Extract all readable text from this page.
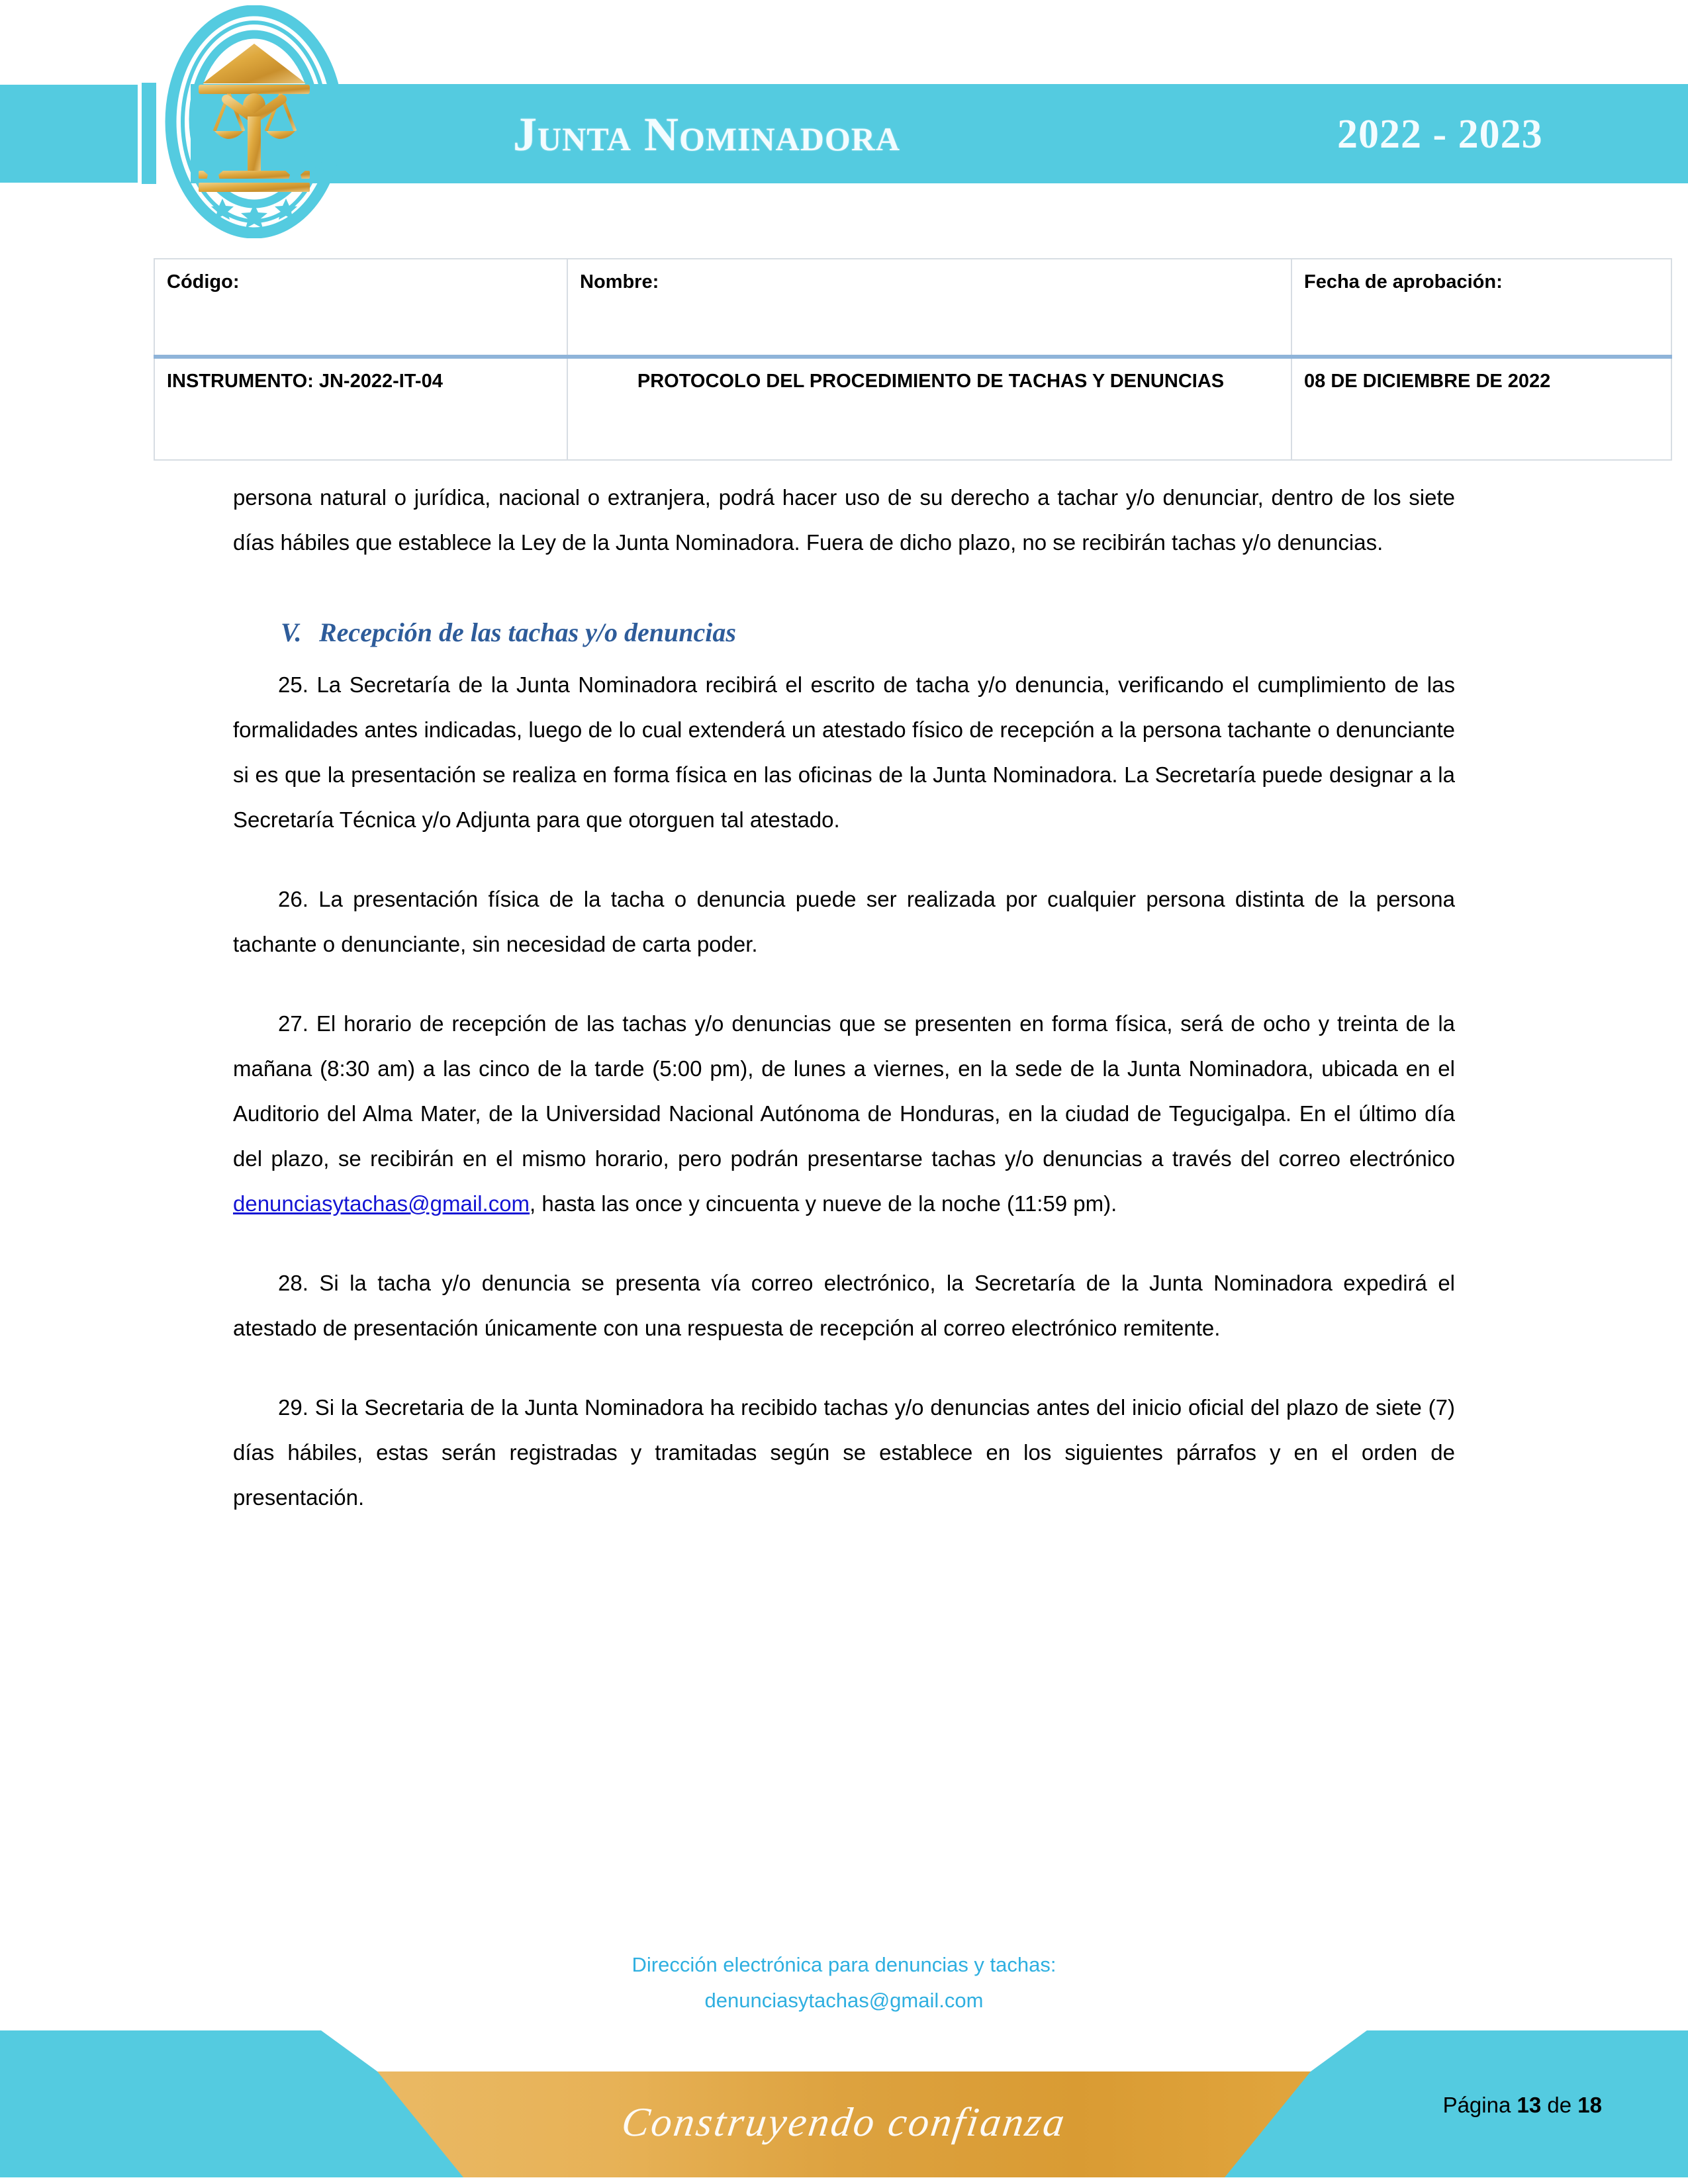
Junta Nominadora	2022 - 2023
Código:	Nombre:	Fecha de aprobación:
INSTRUMENTO: JN-2022-IT-04	PROTOCOLO DEL PROCEDIMIENTO DE TACHAS Y DENUNCIAS	08 DE DICIEMBRE DE 2022

persona natural o jurídica, nacional o extranjera, podrá hacer uso de su derecho a tachar y/o denunciar, dentro de los siete días hábiles que establece la Ley de la Junta Nominadora. Fuera de dicho plazo, no se recibirán tachas y/o denuncias.

V. Recepción de las tachas y/o denuncias

25. La Secretaría de la Junta Nominadora recibirá el escrito de tacha y/o denuncia, verificando el cumplimiento de las formalidades antes indicadas, luego de lo cual extenderá un atestado físico de recepción a la persona tachante o denunciante si es que la presentación se realiza en forma física en las oficinas de la Junta Nominadora. La Secretaría puede designar a la Secretaría Técnica y/o Adjunta para que otorguen tal atestado.

26. La presentación física de la tacha o denuncia puede ser realizada por cualquier persona distinta de la persona tachante o denunciante, sin necesidad de carta poder.

27. El horario de recepción de las tachas y/o denuncias que se presenten en forma física, será de ocho y treinta de la mañana (8:30 am) a las cinco de la tarde (5:00 pm), de lunes a viernes, en la sede de la Junta Nominadora, ubicada en el Auditorio del Alma Mater, de la Universidad Nacional Autónoma de Honduras, en la ciudad de Tegucigalpa. En el último día del plazo, se recibirán en el mismo horario, pero podrán presentarse tachas y/o denuncias a través del correo electrónico denunciasytachas@gmail.com, hasta las once y cincuenta y nueve de la noche (11:59 pm).

28. Si la tacha y/o denuncia se presenta vía correo electrónico, la Secretaría de la Junta Nominadora expedirá el atestado de presentación únicamente con una respuesta de recepción al correo electrónico remitente.

29. Si la Secretaria de la Junta Nominadora ha recibido tachas y/o denuncias antes del inicio oficial del plazo de siete (7) días hábiles, estas serán registradas y tramitadas según se establece en los siguientes párrafos y en el orden de presentación.

Dirección electrónica para denuncias y tachas:
denunciasytachas@gmail.com
Construyendo confianza	Página 13 de 18
